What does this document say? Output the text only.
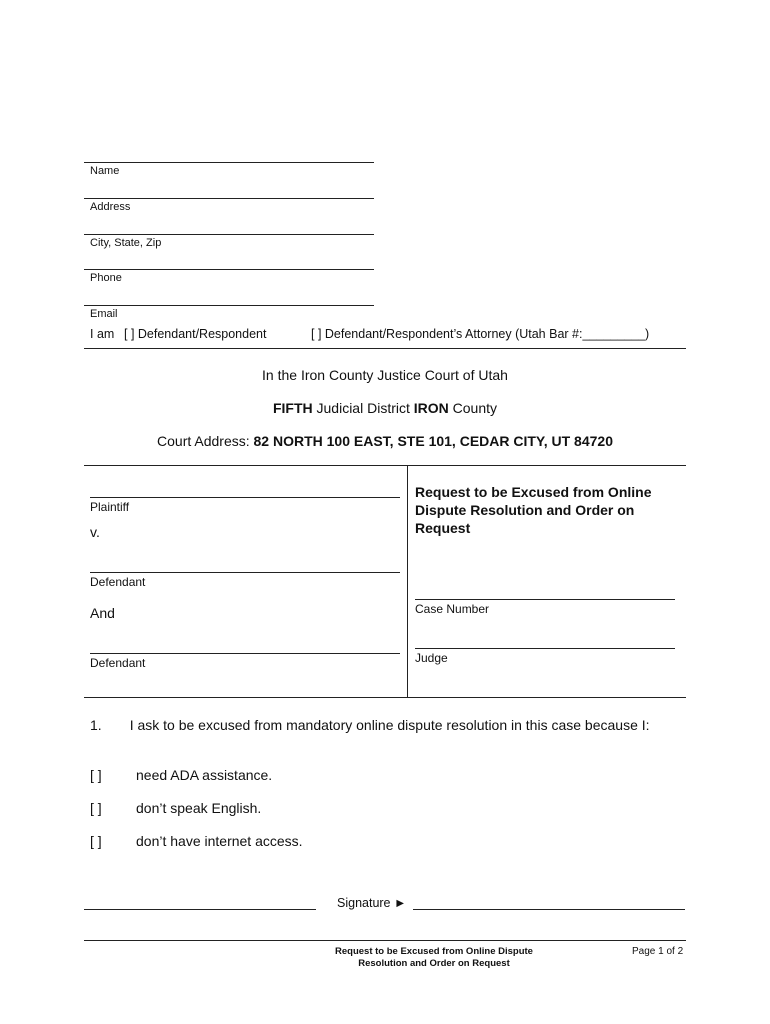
Name
Address
City, State, Zip
Phone
Email
I am [ ] Defendant/Respondent	[ ] Defendant/Respondent’s Attorney (Utah Bar #:_________)
In the Iron County Justice Court of Utah
FIFTH Judicial District IRON County
Court Address: 82 NORTH 100 EAST, STE 101, CEDAR CITY, UT 84720
Plaintiff
v.
Defendant
And
Defendant
Request to be Excused from Online Dispute Resolution and Order on Request
Case Number
Judge
1. I ask to be excused from mandatory online dispute resolution in this case because I:
[ ] need ADA assistance.
[ ] don’t speak English.
[ ] don’t have internet access.
Signature ►
Request to be Excused from Online Dispute
Resolution and Order on Request
Page 1 of 2
